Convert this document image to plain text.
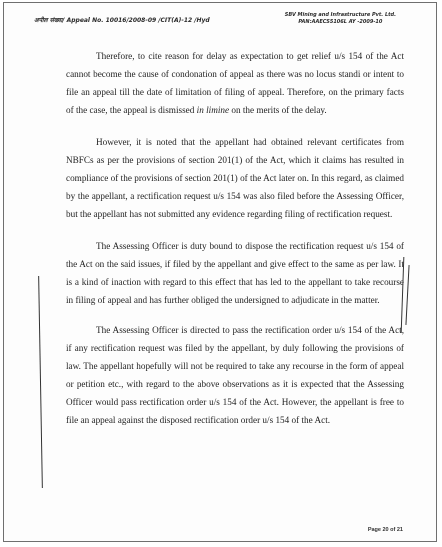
अपील संख्या/ Appeal No. 10016/2008-09 /CIT(A)-12 /Hyd
SBV Mining and Infrastructure Pvt. Ltd.
PAN:AAECS5106L AY -2009-10

Therefore, to cite reason for delay as expectation to get relief u/s 154 of the Act cannot become the cause of condonation of appeal as there was no locus standi or intent to file an appeal till the date of limitation of filing of appeal. Therefore, on the primary facts of the case, the appeal is dismissed in limine on the merits of the delay.

However, it is noted that the appellant had obtained relevant certificates from NBFCs as per the provisions of section 201(1) of the Act, which it claims has resulted in compliance of the provisions of section 201(1) of the Act later on. In this regard, as claimed by the appellant, a rectification request u/s 154 was also filed before the Assessing Officer, but the appellant has not submitted any evidence regarding filing of rectification request.

The Assessing Officer is duty bound to dispose the rectification request u/s 154 of the Act on the said issues, if filed by the appellant and give effect to the same as per law. It is a kind of inaction with regard to this effect that has led to the appellant to take recourse in filing of appeal and has further obliged the undersigned to adjudicate in the matter.

The Assessing Officer is directed to pass the rectification order u/s 154 of the Act, if any rectification request was filed by the appellant, by duly following the provisions of law. The appellant hopefully will not be required to take any recourse in the form of appeal or petition etc., with regard to the above observations as it is expected that the Assessing Officer would pass rectification order u/s 154 of the Act. However, the appellant is free to file an appeal against the disposed rectification order u/s 154 of the Act.

Page 20 of 21
